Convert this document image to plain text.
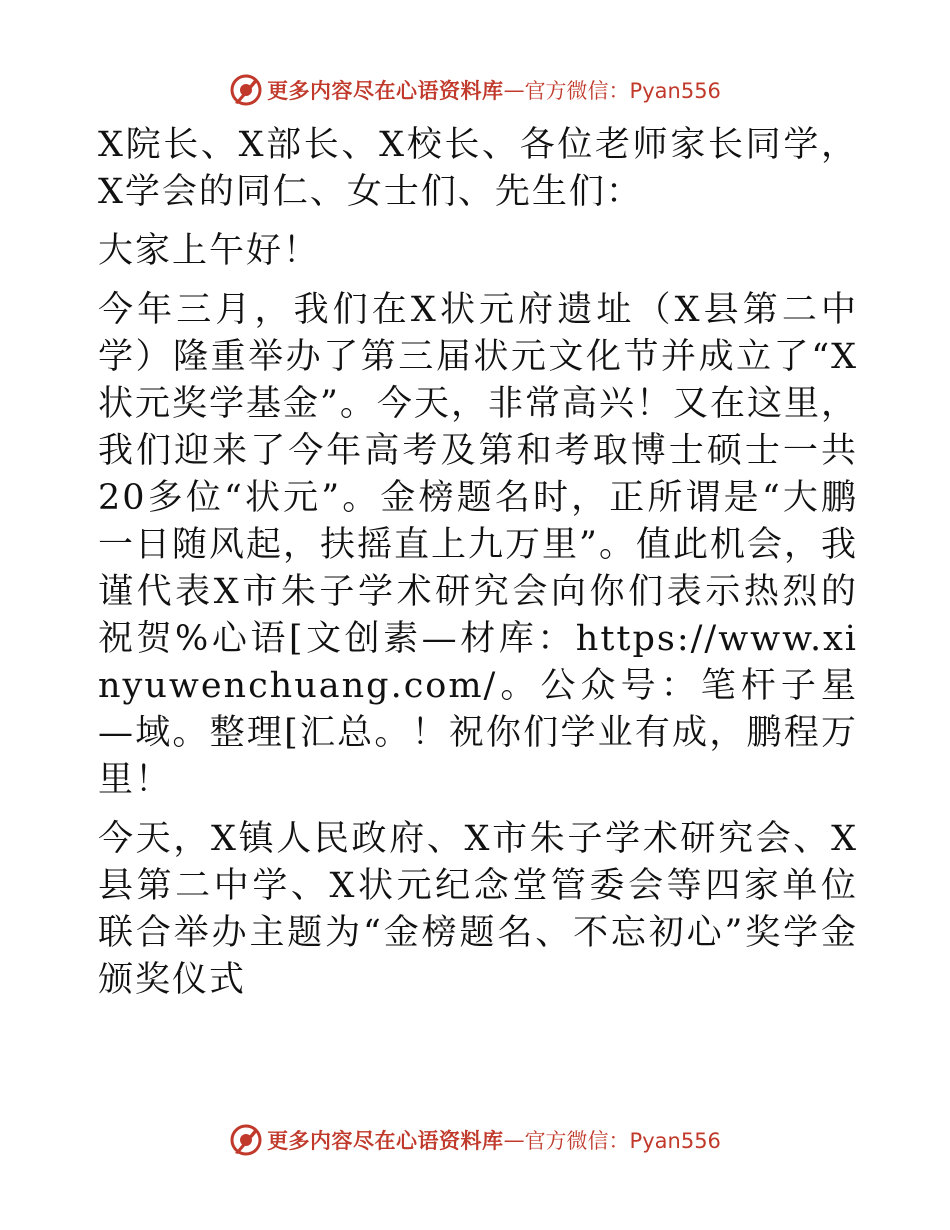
更多内容尽在心语资料库 — 官方微信：Pyan556

X院长、X部长、X校长、各位老师家长同学，X学会的同仁、女士们、先生们：

大家上午好！

今年三月，我们在X状元府遗址（X县第二中学）隆重举办了第三届状元文化节并成立了“X状元奖学基金”。今天，非常高兴！又在这里，我们迎来了今年高考及第和考取博士硕士一共20多位“状元”。金榜题名时，正所谓是“大鹏一日随风起，扶摇直上九万里”。值此机会，我谨代表X市朱子学术研究会向你们表示热烈的祝贺%心语[文创素—材库：https://www.xinyuwenchuang.com/。公众号：笔杆子星—域。整理[汇总。！祝你们学业有成，鹏程万里！

今天，X镇人民政府、X市朱子学术研究会、X县第二中学、X状元纪念堂管委会等四家单位联合举办主题为“金榜题名、不忘初心”奖学金颁奖仪式

更多内容尽在心语资料库 — 官方微信：Pyan556
